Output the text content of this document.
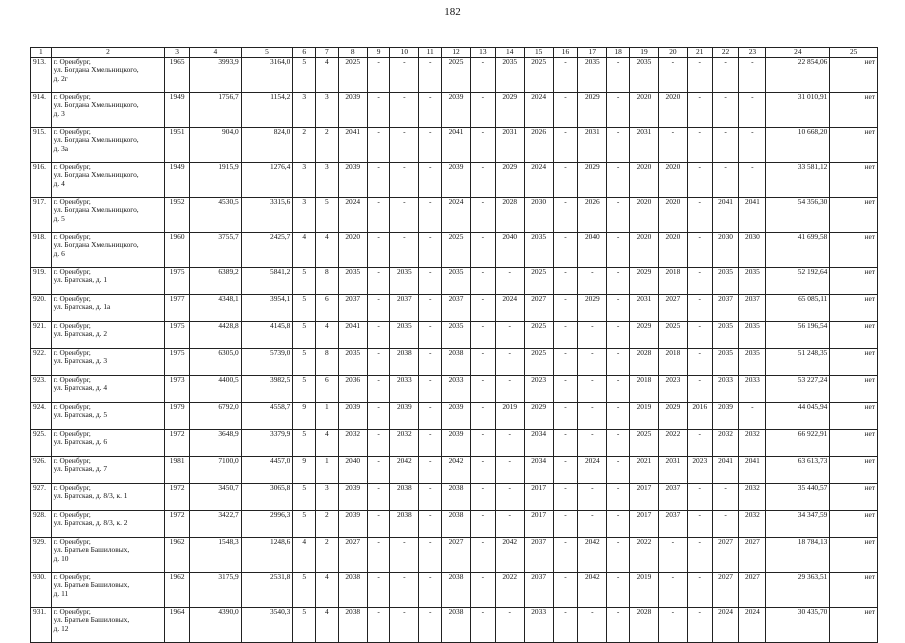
182
1	2	3	4	5	6	7	8	9	10	11	12	13	14	15	16	17	18	19	20	21	22	23	24	25
913.	г. Оренбург,
ул. Богдана Хмельницкого,
д. 2г	1965	3993,9	3164,0	5	4	2025	-	-	-	2025	-	2035	2025	-	2035	-	2035	-	-	-	-	22 854,06	нет
914.	г. Оренбург,
ул. Богдана Хмельницкого,
д. 3	1949	1756,7	1154,2	3	3	2039	-	-	-	2039	-	2029	2024	-	2029	-	2020	2020	-	-	-	31 010,91	нет
915.	г. Оренбург,
ул. Богдана Хмельницкого,
д. 3а	1951	904,0	824,0	2	2	2041	-	-	-	2041	-	2031	2026	-	2031	-	2031	-	-	-	-	10 668,20	нет
916.	г. Оренбург,
ул. Богдана Хмельницкого,
д. 4	1949	1915,9	1276,4	3	3	2039	-	-	-	2039	-	2029	2024	-	2029	-	2020	2020	-	-	-	33 581,12	нет
917.	г. Оренбург,
ул. Богдана Хмельницкого,
д. 5	1952	4530,5	3315,6	3	5	2024	-	-	-	2024	-	2028	2030	-	2026	-	2020	2020	-	2041	2041	54 356,30	нет
918.	г. Оренбург,
ул. Богдана Хмельницкого,
д. 6	1960	3755,7	2425,7	4	4	2020	-	-	-	2025	-	2040	2035	-	2040	-	2020	2020	-	2030	2030	41 699,58	нет
919.	г. Оренбург,
ул. Братская, д. 1	1975	6389,2	5841,2	5	8	2035	-	2035	-	2035	-	-	2025	-	-	-	2029	2018	-	2035	2035	52 192,64	нет
920.	г. Оренбург,
ул. Братская, д. 1а	1977	4348,1	3954,1	5	6	2037	-	2037	-	2037	-	2024	2027	-	2029	-	2031	2027	-	2037	2037	65 085,11	нет
921.	г. Оренбург,
ул. Братская, д. 2	1975	4428,8	4145,8	5	4	2041	-	2035	-	2035	-	-	2025	-	-	-	2029	2025	-	2035	2035	56 196,54	нет
922.	г. Оренбург,
ул. Братская, д. 3	1975	6305,0	5739,0	5	8	2035	-	2038	-	2038	-	-	2025	-	-	-	2028	2018	-	2035	2035	51 248,35	нет
923.	г. Оренбург,
ул. Братская, д. 4	1973	4400,5	3982,5	5	6	2036	-	2033	-	2033	-	-	2023	-	-	-	2018	2023	-	2033	2033	53 227,24	нет
924.	г. Оренбург,
ул. Братская, д. 5	1979	6792,0	4558,7	9	1	2039	-	2039	-	2039	-	2019	2029	-	-	-	2019	2029	2016	2039	-	44 045,94	нет
925.	г. Оренбург,
ул. Братская, д. 6	1972	3648,9	3379,9	5	4	2032	-	2032	-	2039	-	-	2034	-	-	-	2025	2022	-	2032	2032	66 922,91	нет
926.	г. Оренбург,
ул. Братская, д. 7	1981	7100,0	4457,0	9	1	2040	-	2042	-	2042	-	-	2034	-	2024	-	2021	2031	2023	2041	2041	63 613,73	нет
927.	г. Оренбург,
ул. Братская, д. 8/3, к. 1	1972	3450,7	3065,8	5	3	2039	-	2038	-	2038	-	-	2017	-	-	-	2017	2037	-	-	2032	35 440,57	нет
928.	г. Оренбург,
ул. Братская, д. 8/3, к. 2	1972	3422,7	2996,3	5	2	2039	-	2038	-	2038	-	-	2017	-	-	-	2017	2037	-	-	2032	34 347,59	нет
929.	г. Оренбург,
ул. Братьев Башиловых,
д. 10	1962	1548,3	1248,6	4	2	2027	-	-	-	2027	-	2042	2037	-	2042	-	2022	-	-	2027	2027	18 784,13	нет
930.	г. Оренбург,
ул. Братьев Башиловых,
д. 11	1962	3175,9	2531,8	5	4	2038	-	-	-	2038	-	2022	2037	-	2042	-	2019	-	-	2027	2027	29 363,51	нет
931.	г. Оренбург,
ул. Братьев Башиловых,
д. 12	1964	4390,0	3540,3	5	4	2038	-	-	-	2038	-	-	2033	-	-	-	2028	-	-	2024	2024	30 435,70	нет
